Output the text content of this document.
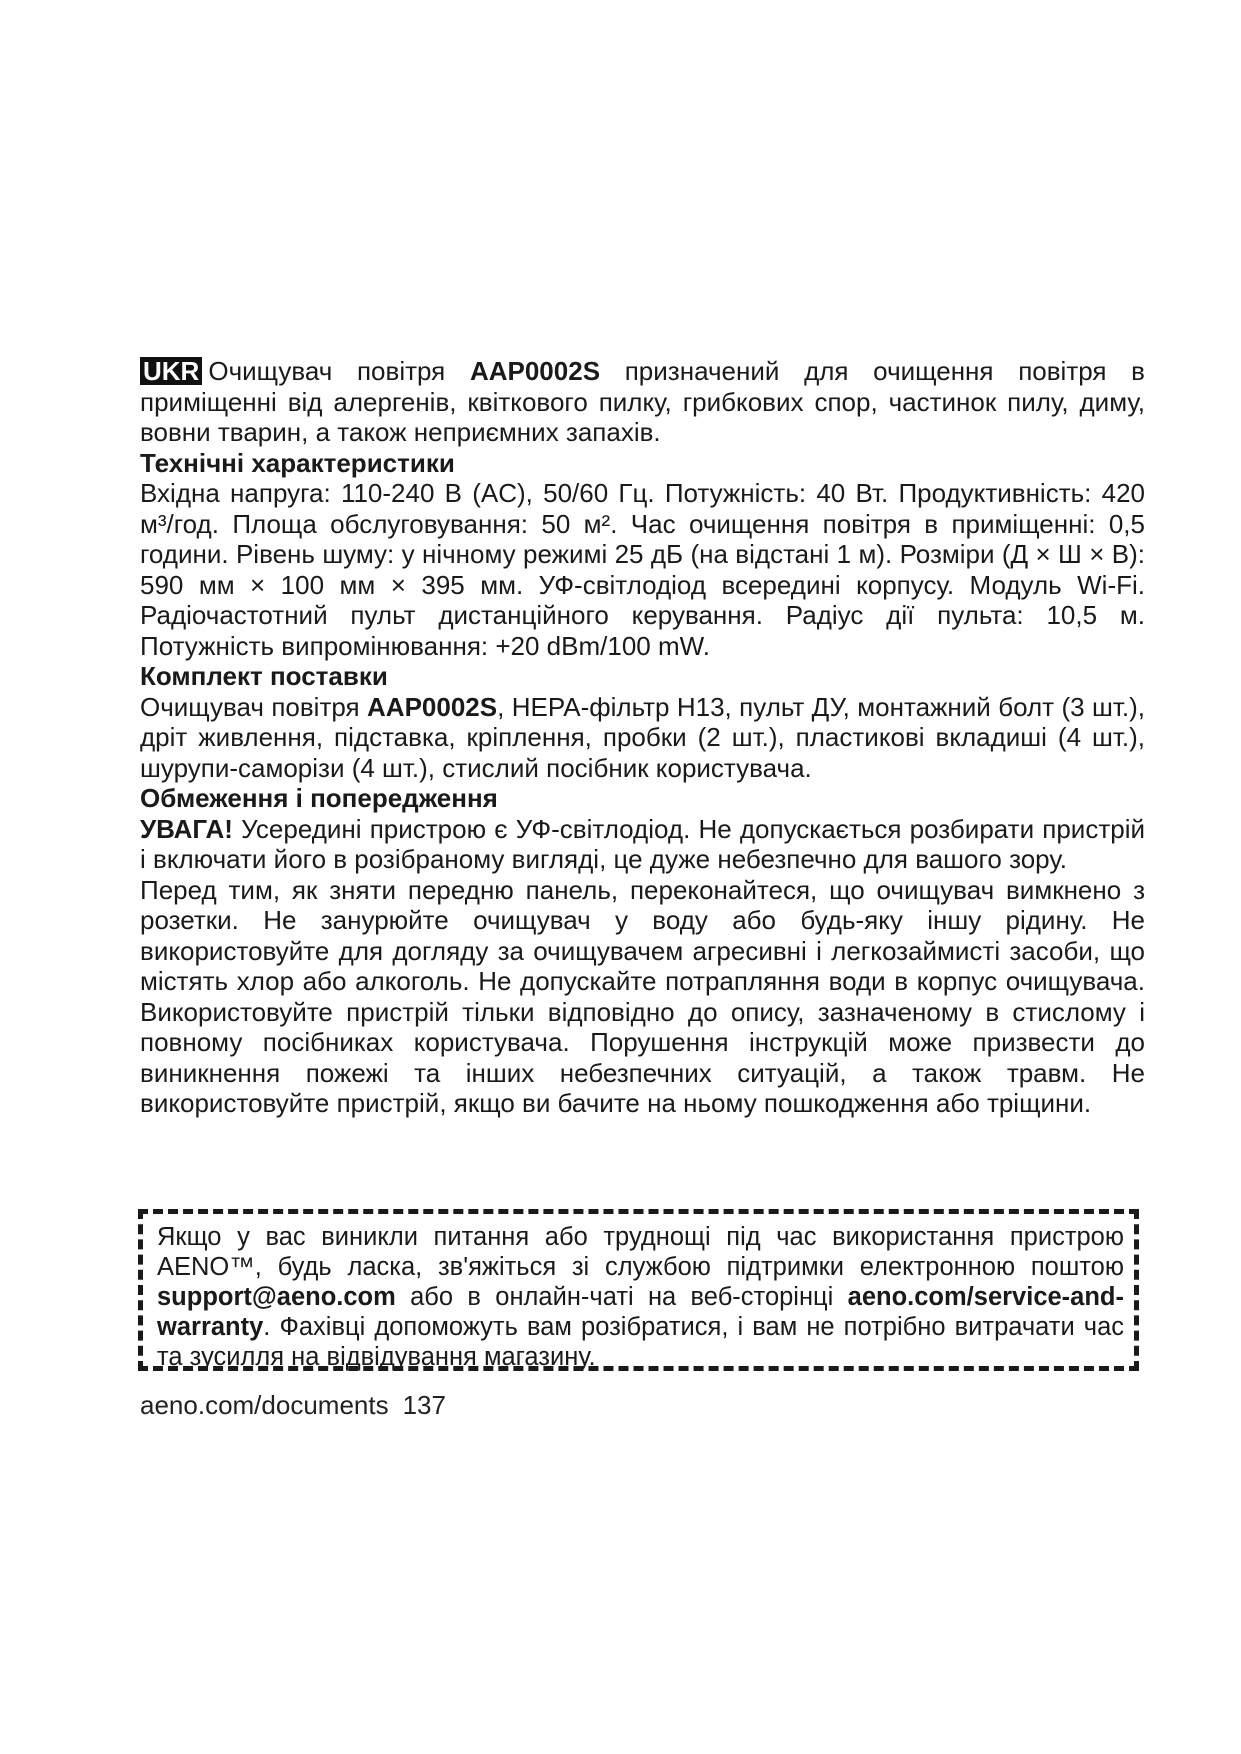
UKR Очищувач повітря AAP0002S призначений для очищення повітря в приміщенні від алергенів, квіткового пилку, грибкових спор, частинок пилу, диму, вовни тварин, а також неприємних запахів.

Технічні характеристики

Вхідна напруга: 110-240 В (AC), 50/60 Гц. Потужність: 40 Вт. Продуктивність: 420 м³/год. Площа обслуговування: 50 м². Час очищення повітря в приміщенні: 0,5 години. Рівень шуму: у нічному режимі 25 дБ (на відстані 1 м). Розміри (Д × Ш × В): 590 мм × 100 мм × 395 мм. УФ-світлодіод всередині корпусу. Модуль Wi-Fi. Радіочастотний пульт дистанційного керування. Радіус дії пульта: 10,5 м. Потужність випромінювання: +20 dBm/100 mW.

Комплект поставки

Очищувач повітря AAP0002S, HEPA-фільтр H13, пульт ДУ, монтажний болт (3 шт.), дріт живлення, підставка, кріплення, пробки (2 шт.), пластикові вкладиші (4 шт.), шурупи-саморізи (4 шт.), стислий посібник користувача.

Обмеження і попередження

УВАГА! Усередині пристрою є УФ-світлодіод. Не допускається розбирати пристрій і включати його в розібраному вигляді, це дуже небезпечно для вашого зору.

Перед тим, як зняти передню панель, переконайтеся, що очищувач вимкнено з розетки. Не занурюйте очищувач у воду або будь-яку іншу рідину. Не використовуйте для догляду за очищувачем агресивні і легкозаймисті засоби, що містять хлор або алкоголь. Не допускайте потрапляння води в корпус очищувача. Використовуйте пристрій тільки відповідно до опису, зазначеному в стислому і повному посібниках користувача. Порушення інструкцій може призвести до виникнення пожежі та інших небезпечних ситуацій, а також травм. Не використовуйте пристрій, якщо ви бачите на ньому пошкодження або тріщини.

Якщо у вас виникли питання або труднощі під час використання пристрою AENO™, будь ласка, зв'яжіться зі службою підтримки електронною поштою support@aeno.com або в онлайн-чаті на веб-сторінці aeno.com/service-and-warranty. Фахівці допоможуть вам розібратися, і вам не потрібно витрачати час та зусилля на відвідування магазину.
aeno.com/documents 137
